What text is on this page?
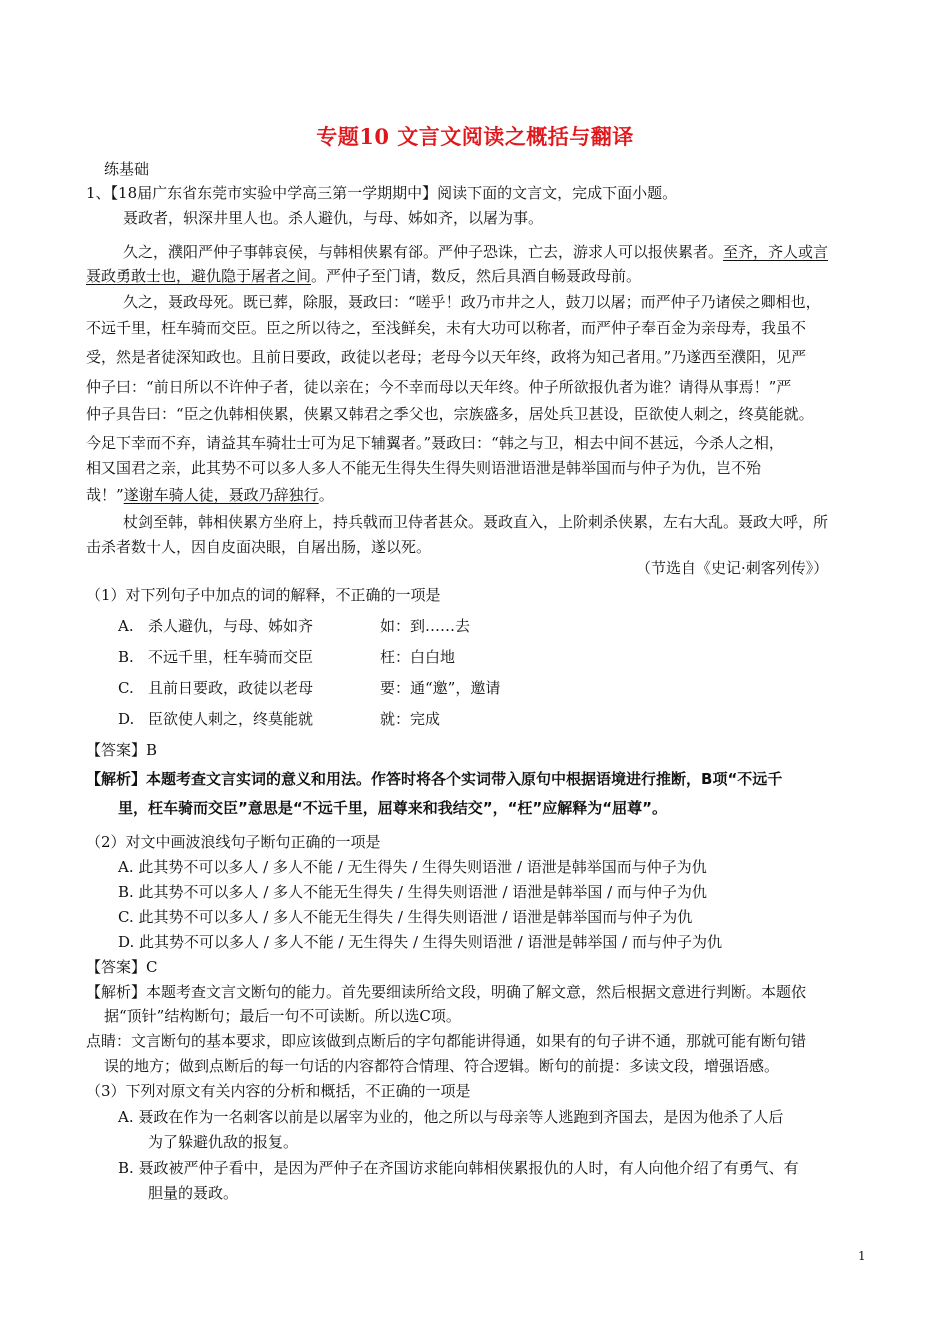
专题10 文言文阅读之概括与翻译
练基础
1、【18届广东省东莞市实验中学高三第一学期期中】阅读下面的文言文，完成下面小题。
聂政者，轵深井里人也。杀人避仇，与母、姊如齐，以屠为事。
久之，濮阳严仲子事韩哀侯，与韩相侠累有郤。严仲子恐诛，亡去，游求人可以报侠累者。至齐，齐人或言
聂政勇敢士也，避仇隐于屠者之间。严仲子至门请，数反，然后具酒自畅聂政母前。
久之，聂政母死。既已葬，除服，聂政曰：“嗟乎！政乃市井之人，鼓刀以屠；而严仲子乃诸侯之卿相也，
不远千里，枉车骑而交臣。臣之所以待之，至浅鲜矣，未有大功可以称者，而严仲子奉百金为亲母寿，我虽不
受，然是者徒深知政也。且前日要政，政徒以老母；老母今以天年终，政将为知己者用。”乃遂西至濮阳，见严
仲子曰：“前日所以不许仲子者，徒以亲在；今不幸而母以天年终。仲子所欲报仇者为谁？请得从事焉！”严
仲子具告曰：“臣之仇韩相侠累，侠累又韩君之季父也，宗族盛多，居处兵卫甚设，臣欲使人刺之，终莫能就。
今足下幸而不弃，请益其车骑壮士可为足下辅翼者。”聂政曰：“韩之与卫，相去中间不甚远，今杀人之相，
相又国君之亲，此其势不可以多人多人不能无生得失生得失则语泄语泄是韩举国而与仲子为仇，岂不殆
哉！”遂谢车骑人徒，聂政乃辞独行。
杖剑至韩，韩相侠累方坐府上，持兵戟而卫侍者甚众。聂政直入，上阶刺杀侠累，左右大乱。聂政大呼，所
击杀者数十人，因自皮面决眼，自屠出肠，遂以死。
（节选自《史记·刺客列传》）
（1）对下列句子中加点的词的解释，不正确的一项是
A. 杀人避仇，与母、姊如齐	如：到……去
B. 不远千里，枉车骑而交臣	枉：白白地
C. 且前日要政，政徒以老母	要：通“邀”，邀请
D. 臣欲使人刺之，终莫能就	就：完成
【答案】B
【解析】本题考查文言实词的意义和用法。作答时将各个实词带入原句中根据语境进行推断，B项“不远千
里，枉车骑而交臣”意思是“不远千里，屈尊来和我结交”，“枉”应解释为“屈尊”。
（2）对文中画波浪线句子断句正确的一项是
A. 此其势不可以多人 / 多人不能 / 无生得失 / 生得失则语泄 / 语泄是韩举国而与仲子为仇
B. 此其势不可以多人 / 多人不能无生得失 / 生得失则语泄 / 语泄是韩举国 / 而与仲子为仇
C. 此其势不可以多人 / 多人不能无生得失 / 生得失则语泄 / 语泄是韩举国而与仲子为仇
D. 此其势不可以多人 / 多人不能 / 无生得失 / 生得失则语泄 / 语泄是韩举国 / 而与仲子为仇
【答案】C
【解析】本题考查文言文断句的能力。首先要细读所给文段，明确了解文意，然后根据文意进行判断。本题依
据“顶针”结构断句；最后一句不可读断。所以选C项。
点睛：文言断句的基本要求，即应该做到点断后的字句都能讲得通，如果有的句子讲不通，那就可能有断句错
误的地方；做到点断后的每一句话的内容都符合情理、符合逻辑。断句的前提：多读文段，增强语感。
（3）下列对原文有关内容的分析和概括，不正确的一项是
A. 聂政在作为一名刺客以前是以屠宰为业的，他之所以与母亲等人逃跑到齐国去，是因为他杀了人后
为了躲避仇敌的报复。
B. 聂政被严仲子看中，是因为严仲子在齐国访求能向韩相侠累报仇的人时，有人向他介绍了有勇气、有
胆量的聂政。
1
